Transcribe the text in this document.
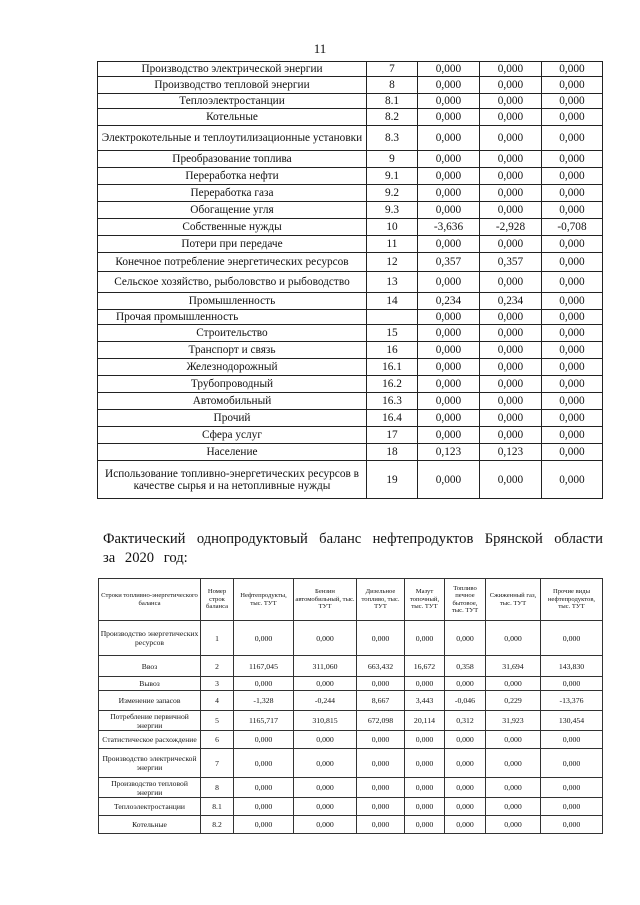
11
Производство электрической энергии	7	0,000	0,000	0,000
Производство тепловой энергии	8	0,000	0,000	0,000
Теплоэлектростанции	8.1	0,000	0,000	0,000
Котельные	8.2	0,000	0,000	0,000
Электрокотельные и теплоутилизационные установки	8.3	0,000	0,000	0,000
Преобразование топлива	9	0,000	0,000	0,000
Переработка нефти	9.1	0,000	0,000	0,000
Переработка газа	9.2	0,000	0,000	0,000
Обогащение угля	9.3	0,000	0,000	0,000
Собственные нужды	10	-3,636	-2,928	-0,708
Потери при передаче	11	0,000	0,000	0,000
Конечное потребление энергетических ресурсов	12	0,357	0,357	0,000
Сельское хозяйство, рыболовство и рыбоводство	13	0,000	0,000	0,000
Промышленность	14	0,234	0,234	0,000
Прочая промышленность		0,000	0,000	0,000
Строительство	15	0,000	0,000	0,000
Транспорт и связь	16	0,000	0,000	0,000
Железнодорожный	16.1	0,000	0,000	0,000
Трубопроводный	16.2	0,000	0,000	0,000
Автомобильный	16.3	0,000	0,000	0,000
Прочий	16.4	0,000	0,000	0,000
Сфера услуг	17	0,000	0,000	0,000
Население	18	0,123	0,123	0,000
Использование топливно-энергетических ресурсов в качестве сырья и на нетопливные нужды	19	0,000	0,000	0,000
Фактический однопродуктовый баланс нефтепродуктов Брянской области за 2020 год:
Строки топливно-энергетического баланса	Номер строк баланса	Нефтепродукты, тыс. ТУТ	Бензин автомобильный, тыс. ТУТ	Дизельное топливо, тыс. ТУТ	Мазут топочный, тыс. ТУТ	Топливо печное бытовое, тыс. ТУТ	Сжиженный газ, тыс. ТУТ	Прочие виды нефтепродуктов, тыс. ТУТ
Производство энергетических ресурсов	1	0,000	0,000	0,000	0,000	0,000	0,000	0,000
Ввоз	2	1167,045	311,060	663,432	16,672	0,358	31,694	143,830
Вывоз	3	0,000	0,000	0,000	0,000	0,000	0,000	0,000
Изменение запасов	4	-1,328	-0,244	8,667	3,443	-0,046	0,229	-13,376
Потребление первичной энергии	5	1165,717	310,815	672,098	20,114	0,312	31,923	130,454
Статистическое расхождение	6	0,000	0,000	0,000	0,000	0,000	0,000	0,000
Производство электрической энергии	7	0,000	0,000	0,000	0,000	0,000	0,000	0,000
Производство тепловой энергии	8	0,000	0,000	0,000	0,000	0,000	0,000	0,000
Теплоэлектростанции	8.1	0,000	0,000	0,000	0,000	0,000	0,000	0,000
Котельные	8.2	0,000	0,000	0,000	0,000	0,000	0,000	0,000
